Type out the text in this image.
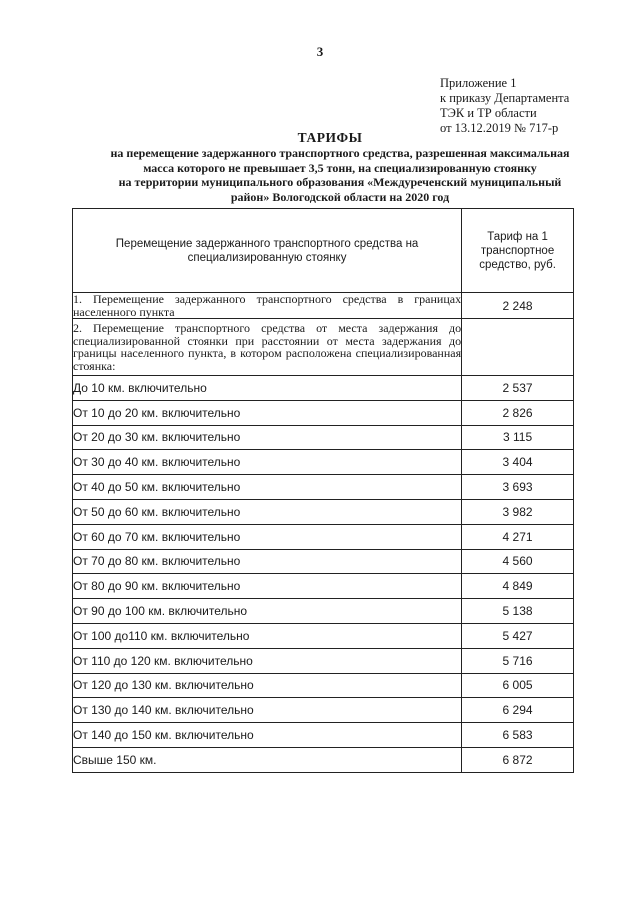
3
Приложение 1
к приказу Департамента
ТЭК и ТР области
от 13.12.2019 № 717-р
ТАРИФЫ
на перемещение задержанного транспортного средства, разрешенная максимальная
масса которого не превышает 3,5 тонн, на специализированную стоянку
на территории муниципального образования «Междуреченский муниципальный
район» Вологодской области на 2020 год
Перемещение задержанного транспортного средства на специализированную стоянку	Тариф на 1 транспортное средство, руб.
1. Перемещение задержанного транспортного средства в границах населенного пункта	2 248
2. Перемещение транспортного средства от места задержания до специализированной стоянки при расстоянии от места задержания до границы населенного пункта, в котором расположена специализированная стоянка:	
До 10 км. включительно	2 537
От 10 до 20 км. включительно	2 826
От 20 до 30 км. включительно	3 115
От 30 до 40 км. включительно	3 404
От 40 до 50 км. включительно	3 693
От 50 до 60 км. включительно	3 982
От 60 до 70 км. включительно	4 271
От 70 до 80 км. включительно	4 560
От 80 до 90 км. включительно	4 849
От 90 до 100 км. включительно	5 138
От 100 до110 км. включительно	5 427
От 110 до 120 км. включительно	5 716
От 120 до 130 км. включительно	6 005
От 130 до 140 км. включительно	6 294
От 140 до 150 км. включительно	6 583
Свыше 150 км.	6 872
